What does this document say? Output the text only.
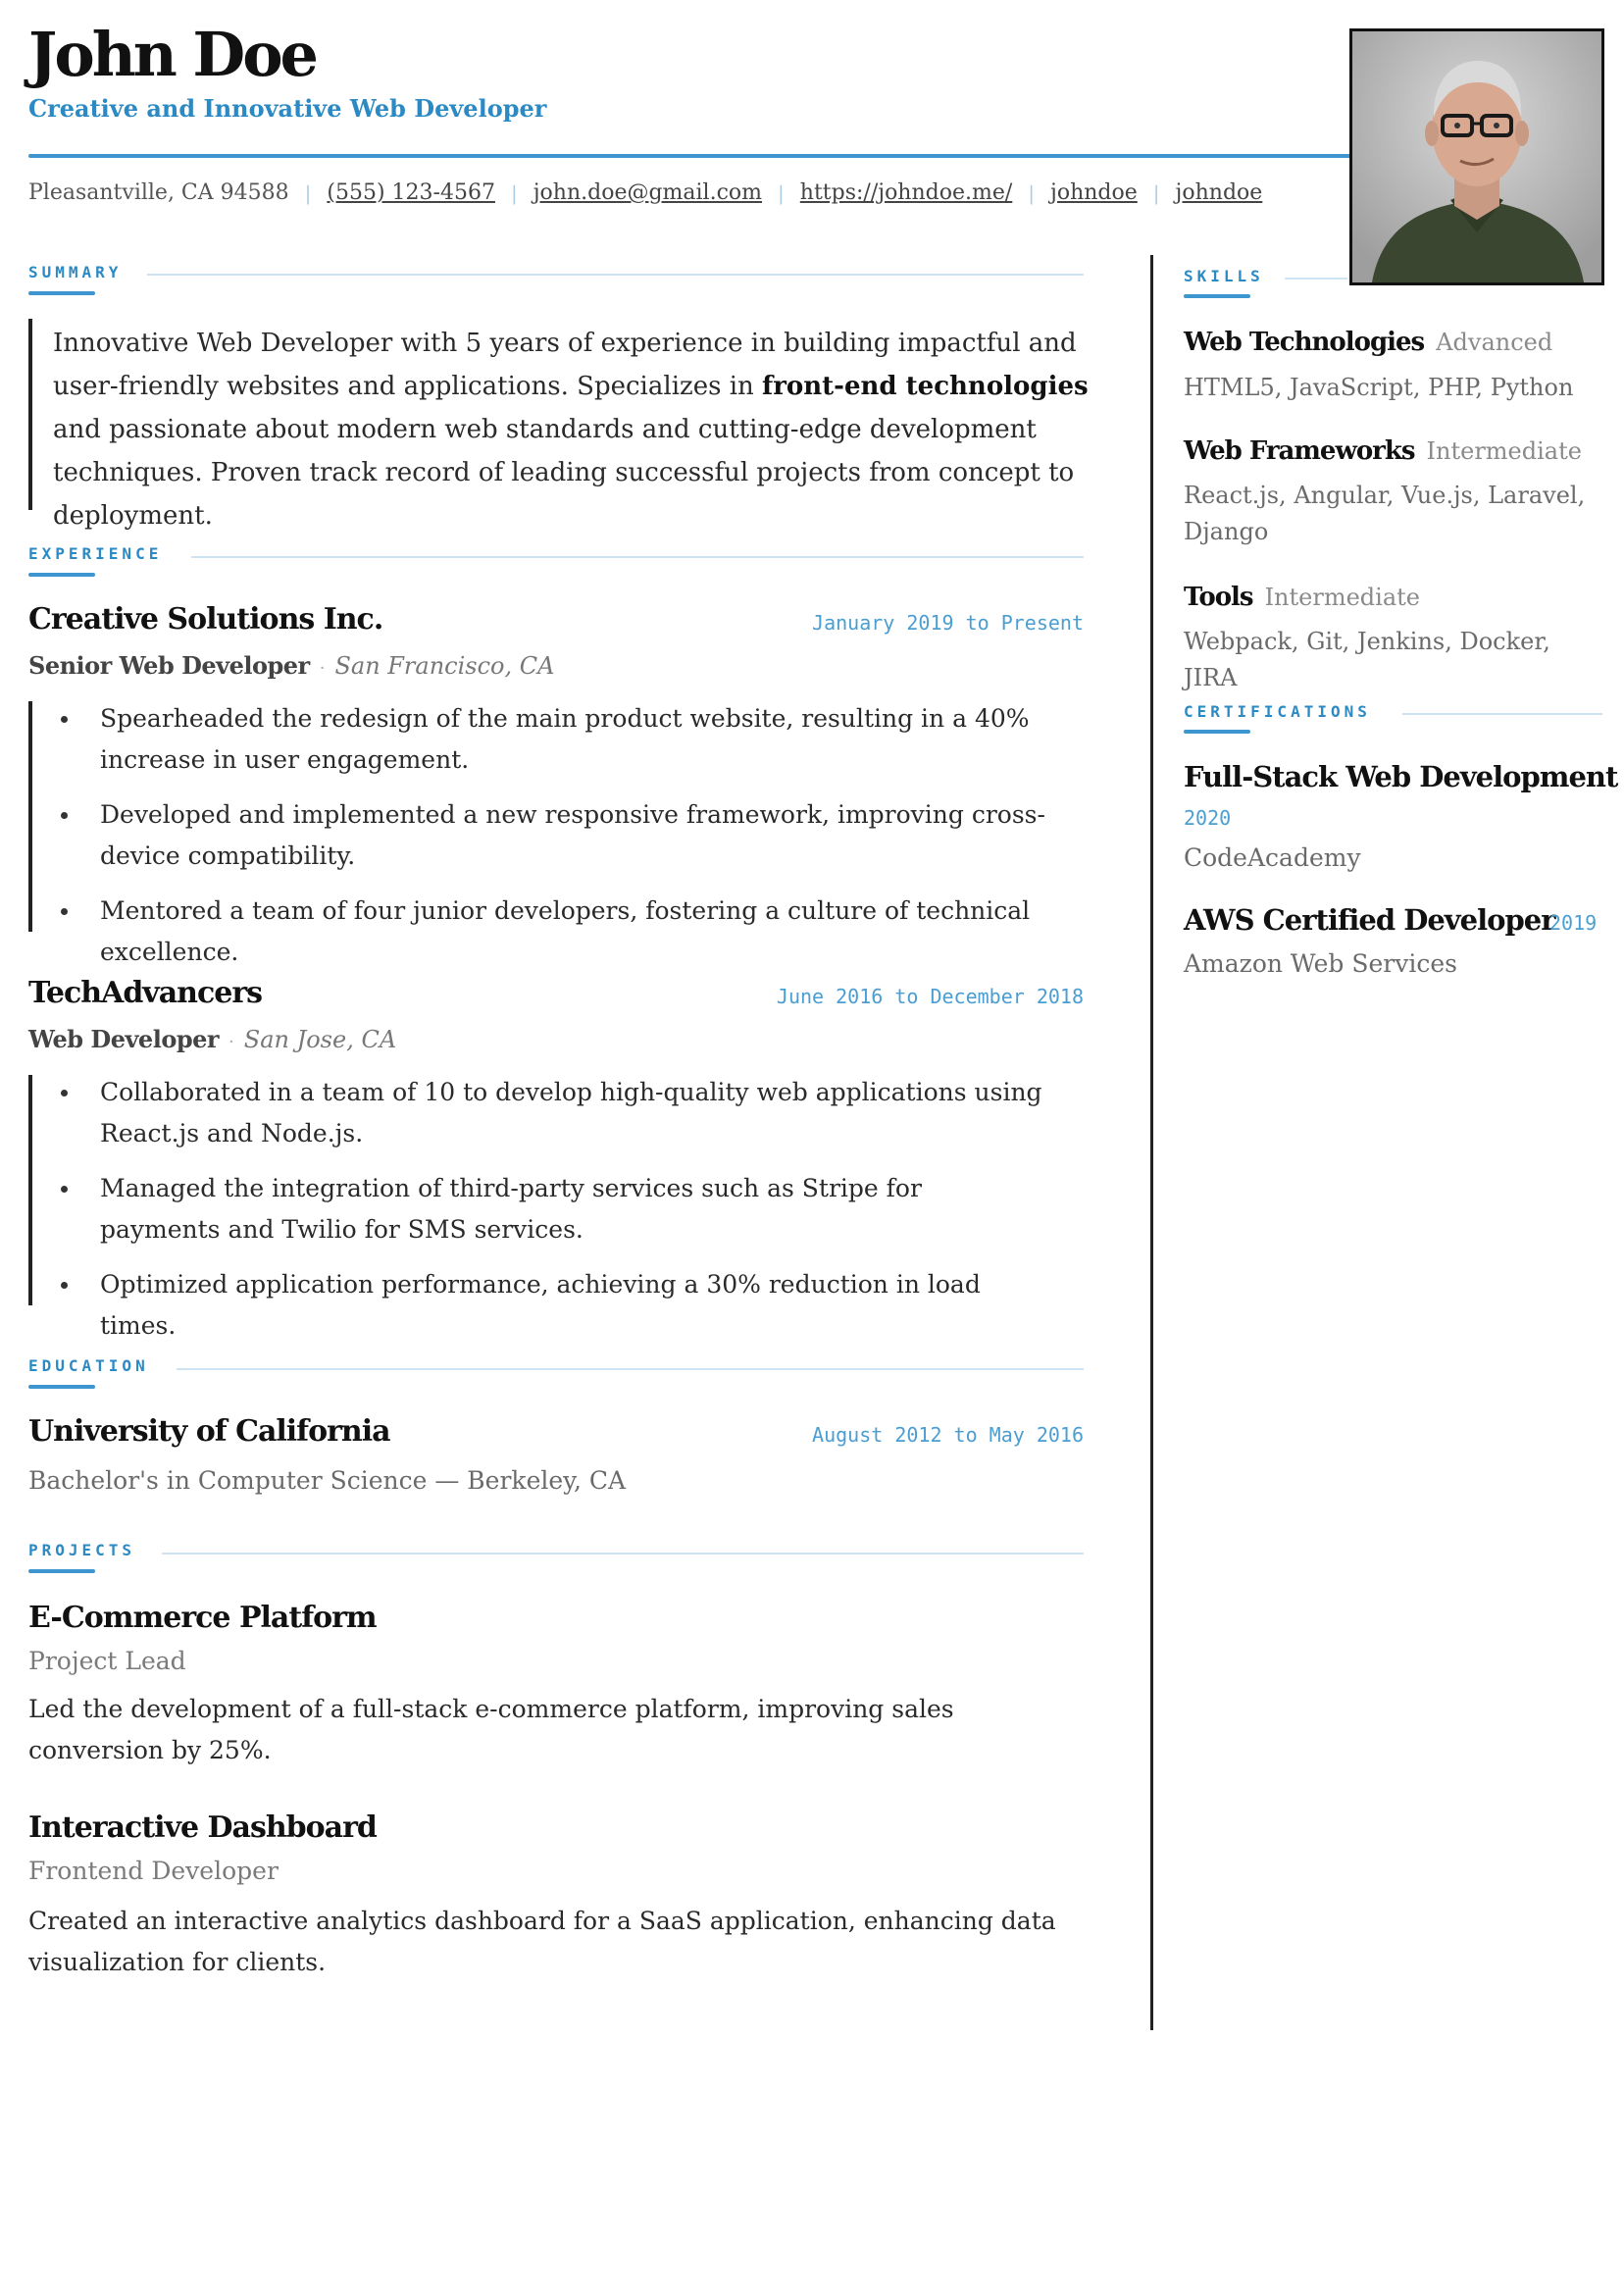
John Doe
Creative and Innovative Web Developer
Pleasantville, CA 94588 | (555) 123-4567 | john.doe@gmail.com | https://johndoe.me/ | johndoe | johndoe
SUMMARY
Innovative Web Developer with 5 years of experience in building impactful and user-friendly websites and applications. Specializes in front-end technologies and passionate about modern web standards and cutting-edge development techniques. Proven track record of leading successful projects from concept to deployment.
EXPERIENCE
Creative Solutions Inc.	January 2019 to Present
Senior Web Developer · San Francisco, CA
Spearheaded the redesign of the main product website, resulting in a 40% increase in user engagement.
Developed and implemented a new responsive framework, improving cross-device compatibility.
Mentored a team of four junior developers, fostering a culture of technical excellence.
TechAdvancers	June 2016 to December 2018
Web Developer · San Jose, CA
Collaborated in a team of 10 to develop high-quality web applications using React.js and Node.js.
Managed the integration of third-party services such as Stripe for payments and Twilio for SMS services.
Optimized application performance, achieving a 30% reduction in load times.
EDUCATION
University of California	August 2012 to May 2016
Bachelor's in Computer Science — Berkeley, CA
PROJECTS
E-Commerce Platform
Project Lead
Led the development of a full-stack e-commerce platform, improving sales conversion by 25%.
Interactive Dashboard
Frontend Developer
Created an interactive analytics dashboard for a SaaS application, enhancing data visualization for clients.
SKILLS
Web Technologies Advanced
HTML5, JavaScript, PHP, Python
Web Frameworks Intermediate
React.js, Angular, Vue.js, Laravel, Django
Tools Intermediate
Webpack, Git, Jenkins, Docker, JIRA
CERTIFICATIONS
Full-Stack Web Development
2020
CodeAcademy
AWS Certified Developer
2019
Amazon Web Services
